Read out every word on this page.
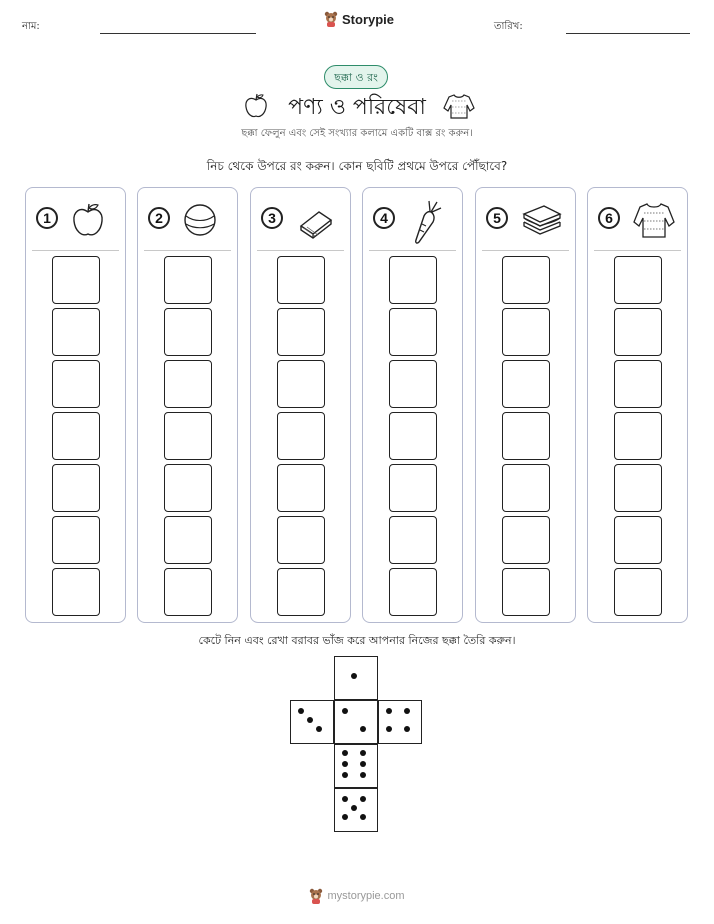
নাম:	Storypie	তারিখ:
ছক্কা ও রং
পণ্য ও পরিষেবা
ছক্কা ফেলুন এবং সেই সংখ্যার কলামে একটি বাক্স রং করুন।
নিচ থেকে উপরে রং করুন। কোন ছবিটি প্রথমে উপরে পৌঁছাবে?
1	2	3	4	5	6
কেটে নিন এবং রেখা বরাবর ভাঁজ করে আপনার নিজের ছক্কা তৈরি করুন।
mystorypie.com
